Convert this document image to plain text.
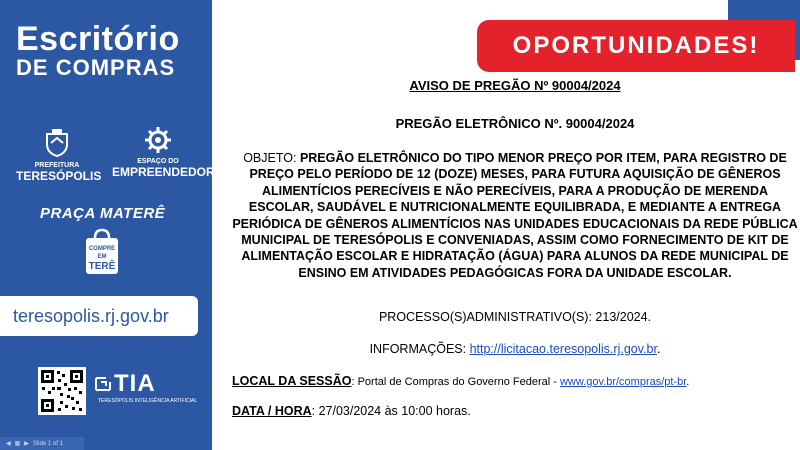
Escritório
DE COMPRAS
PREFEITURA
TERESÓPOLIS
ESPAÇO DO
EMPREENDEDOR
PRAÇA MATERÊ
COMPRE
EM
TERÊ
teresopolis.rj.gov.br
TIA
TERESÓPOLIS INTELIGÊNCIA ARTIFICIAL
◀ ▦ ▶ Slide 1 of 1
OPORTUNIDADES!
AVISO DE PREGÃO Nº 90004/2024
PREGÃO ELETRÔNICO Nº. 90004/2024
OBJETO: PREGÃO ELETRÔNICO DO TIPO MENOR PREÇO POR ITEM, PARA REGISTRO DE PREÇO PELO PERÍODO DE 12 (DOZE) MESES, PARA FUTURA AQUISIÇÃO DE GÊNEROS ALIMENTÍCIOS PERECÍVEIS E NÃO PERECÍVEIS, PARA A PRODUÇÃO DE MERENDA ESCOLAR, SAUDÁVEL E NUTRICIONALMENTE EQUILIBRADA, E MEDIANTE A ENTREGA PERIÓDICA DE GÊNEROS ALIMENTÍCIOS NAS UNIDADES EDUCACIONAIS DA REDE PÚBLICA MUNICIPAL DE TERESÓPOLIS E CONVENIADAS, ASSIM COMO FORNECIMENTO DE KIT DE ALIMENTAÇÃO ESCOLAR E HIDRATAÇÃO (ÁGUA) PARA ALUNOS DA REDE MUNICIPAL DE ENSINO EM ATIVIDADES PEDAGÓGICAS FORA DA UNIDADE ESCOLAR.
PROCESSO(S)ADMINISTRATIVO(S): 213/2024.
INFORMAÇÕES: http://licitacao.teresopolis.rj.gov.br.
LOCAL DA SESSÃO: Portal de Compras do Governo Federal - www.gov.br/compras/pt-br.
DATA / HORA: 27/03/2024 às 10:00 horas.
